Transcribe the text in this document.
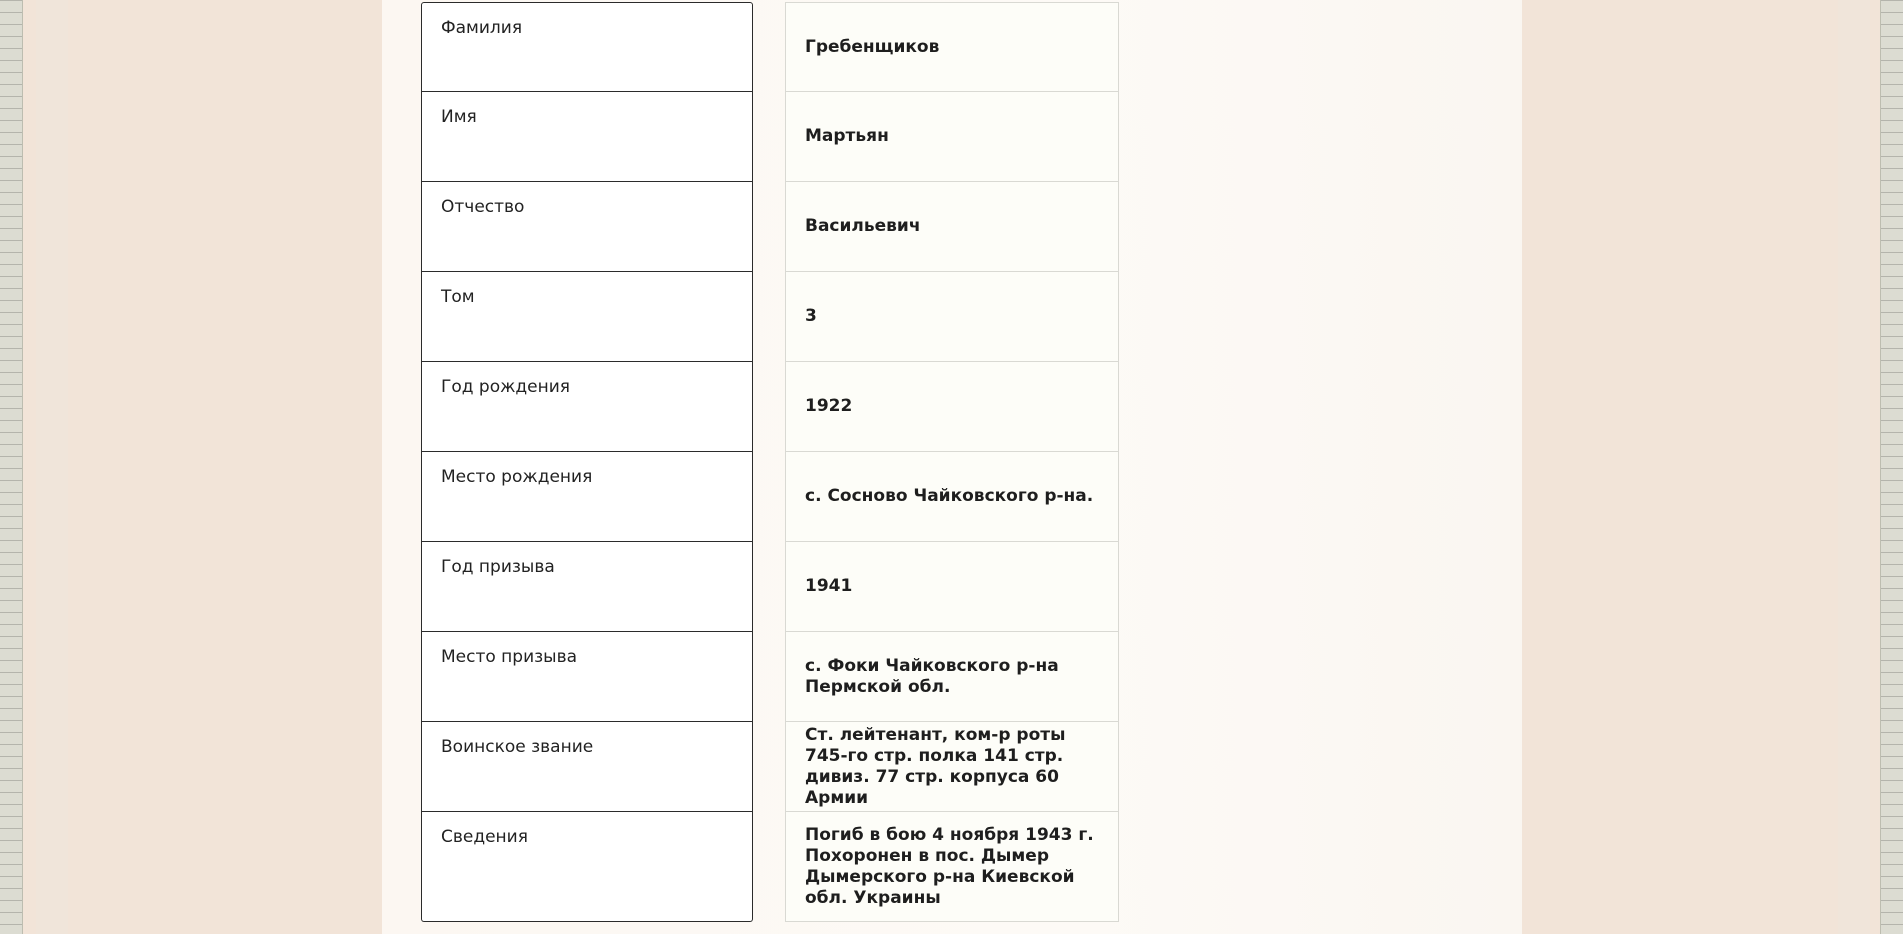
Фамилия
Гребенщиков
Имя
Мартьян
Отчество
Васильевич
Том
3
Год рождения
1922
Место рождения
с. Сосново Чайковского р-на.
Год призыва
1941
Место призыва	с. Фоки Чайковского р-на Пермской обл.
Воинское звание
Ст. лейтенант, ком-р роты 745-го стр. полка 141 стр. дивиз. 77 стр. корпуса 60 Армии
Сведения	Погиб в бою 4 ноября 1943 г. Похоронен в пос. Дымер Дымерского р-на Киевской обл. Украины
